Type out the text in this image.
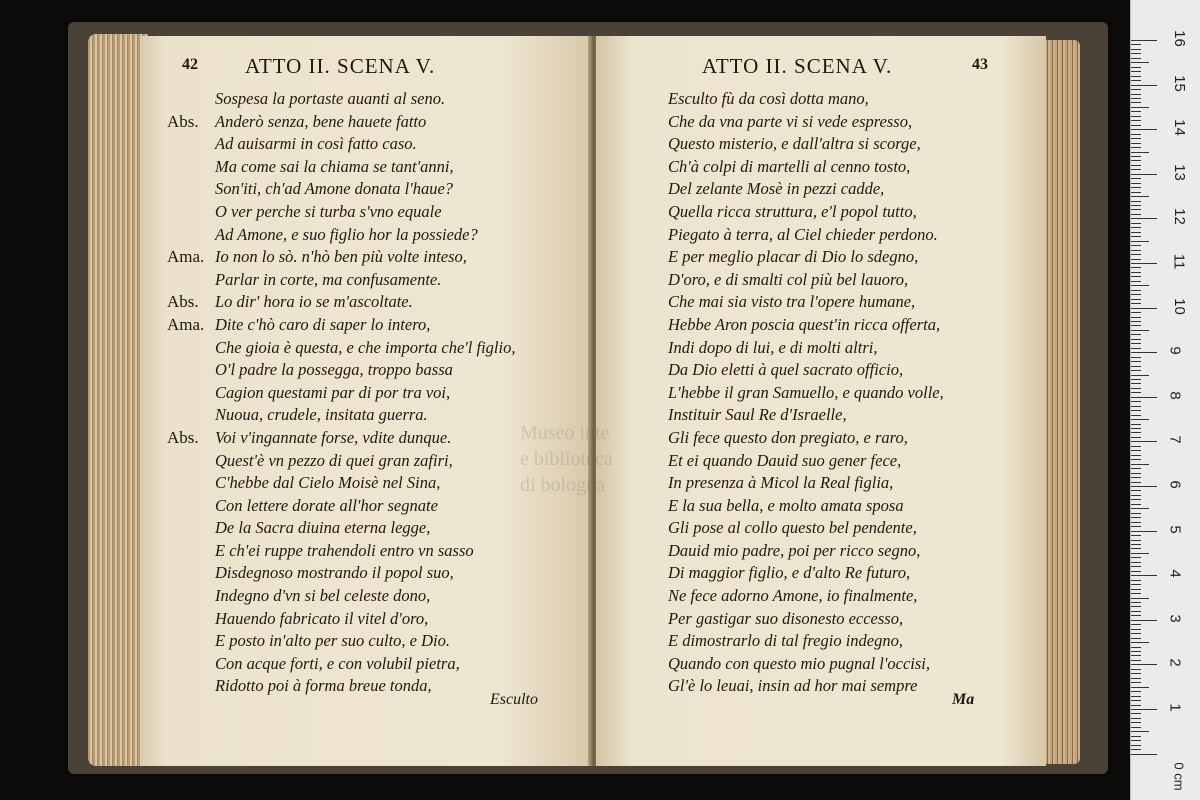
42 ATTO II. SCENA V.
Sospesa la portaste auanti al seno.
Abs. Anderò senza, bene hauete fatto
Ad auisarmi in così fatto caso.
Ma come sai la chiama se tant'anni,
Son'iti, ch'ad Amone donata l'haue?
O ver perche si turba s'vno equale
Ad Amone, e suo figlio hor la possiede?
Ama. Io non lo sò. n'hò ben più volte inteso,
Parlar in corte, ma confusamente.
Abs. Lo dir' hora io se m'ascoltate.
Ama. Dite c'hò caro di saper lo intero,
Che gioia è questa, e che importa che'l figlio,
O'l padre la possegga, troppo bassa
Cagion questami par di por tra voi,
Nuoua, crudele, insitata guerra.
Abs. Voi v'ingannate forse, vdite dunque.
Quest'è vn pezzo di quei gran zafiri,
C'hebbe dal Cielo Moisè nel Sina,
Con lettere dorate all'hor segnate
De la Sacra diuina eterna legge,
E ch'ei ruppe trahendoli entro vn sasso
Disdegnoso mostrando il popol suo,
Indegno d'vn si bel celeste dono,
Hauendo fabricato il vitel d'oro,
E posto in'alto per suo culto, e Dio.
Con acque forti, e con volubil pietra,
Ridotto poi à forma breue tonda,
Esculto
ATTO II. SCENA V.	43
Esculto fù da così dotta mano,
Che da vna parte vi si vede espresso,
Questo misterio, e dall'altra si scorge,
Ch'à colpi di martelli al cenno tosto,
Del zelante Mosè in pezzi cadde,
Quella ricca struttura, e'l popol tutto,
Piegato à terra, al Ciel chieder perdono.
E per meglio placar di Dio lo sdegno,
D'oro, e di smalti col più bel lauoro,
Che mai sia visto tra l'opere humane,
Hebbe Aron poscia quest'in ricca offerta,
Indi dopo di lui, e di molti altri,
Da Dio eletti à quel sacrato officio,
L'hebbe il gran Samuello, e quando volle,
Instituir Saul Re d'Israelle,
Gli fece questo don pregiato, e raro,
Et ei quando Dauid suo gener fece,
In presenza à Micol la Real figlia,
E la sua bella, e molto amata sposa
Gli pose al collo questo bel pendente,
Dauid mio padre, poi per ricco segno,
Di maggior figlio, e d'alto Re futuro,
Ne fece adorno Amone, io finalmente,
Per gastigar suo disonesto eccesso,
E dimostrarlo di tal fregio indegno,
Quando con questo mio pugnal l'occisi,
Gl'è lo leuai, insin ad hor mai sempre
Ma
Museo inte
e biblioteca
di bologna
0 cm
16
15
14
13
12
11
10
9
8
7
6
5
4
3
2
1
